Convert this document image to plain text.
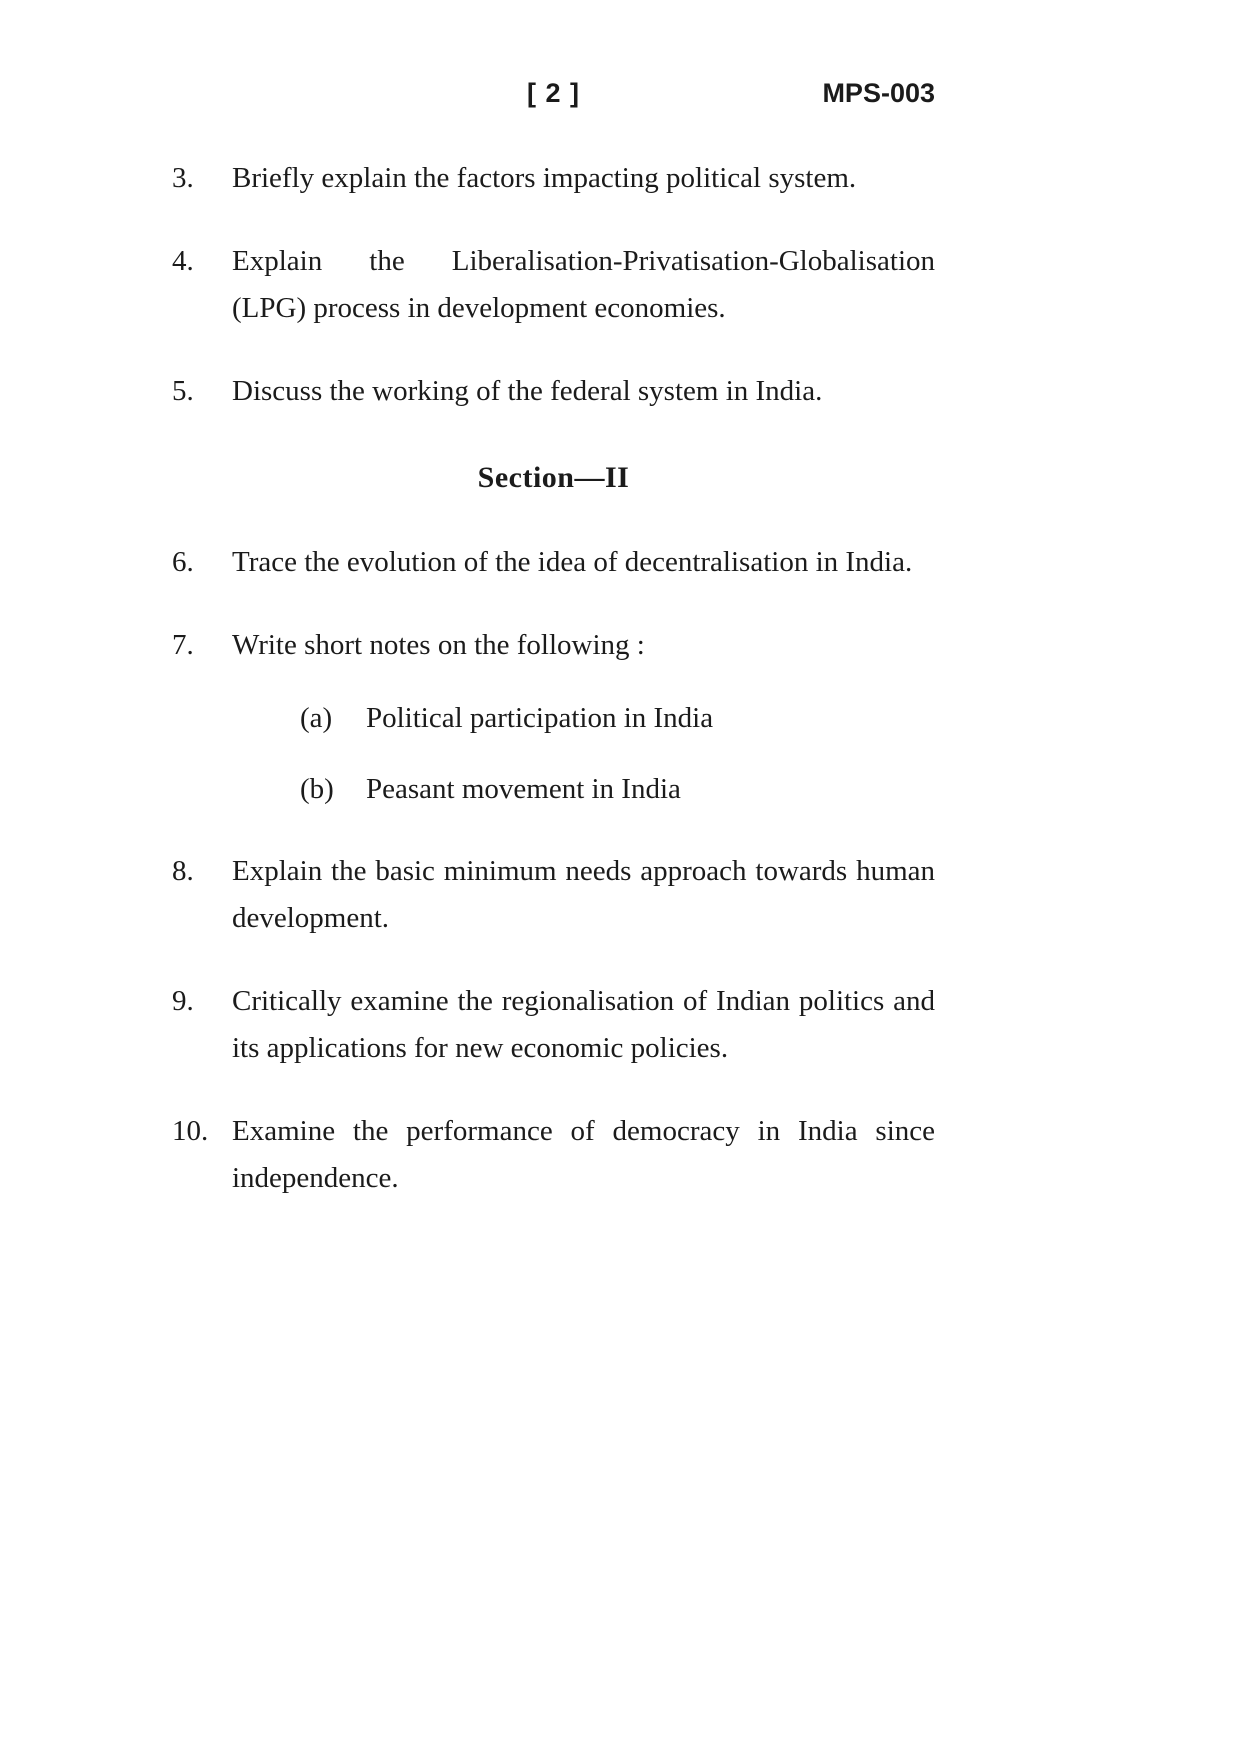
[ 2 ]	MPS-003
3.	Briefly explain the factors impacting political system.
4.	Explain the Liberalisation-Privatisation-Globalisation (LPG) process in development economies.
5.	Discuss the working of the federal system in India.
Section—II
6.	Trace the evolution of the idea of decentralisation in India.
7.	Write short notes on the following :
(a)	Political participation in India
(b)	Peasant movement in India
8.	Explain the basic minimum needs approach towards human development.
9.	Critically examine the regionalisation of Indian politics and its applications for new economic policies.
10. Examine the performance of democracy in India since independence.
